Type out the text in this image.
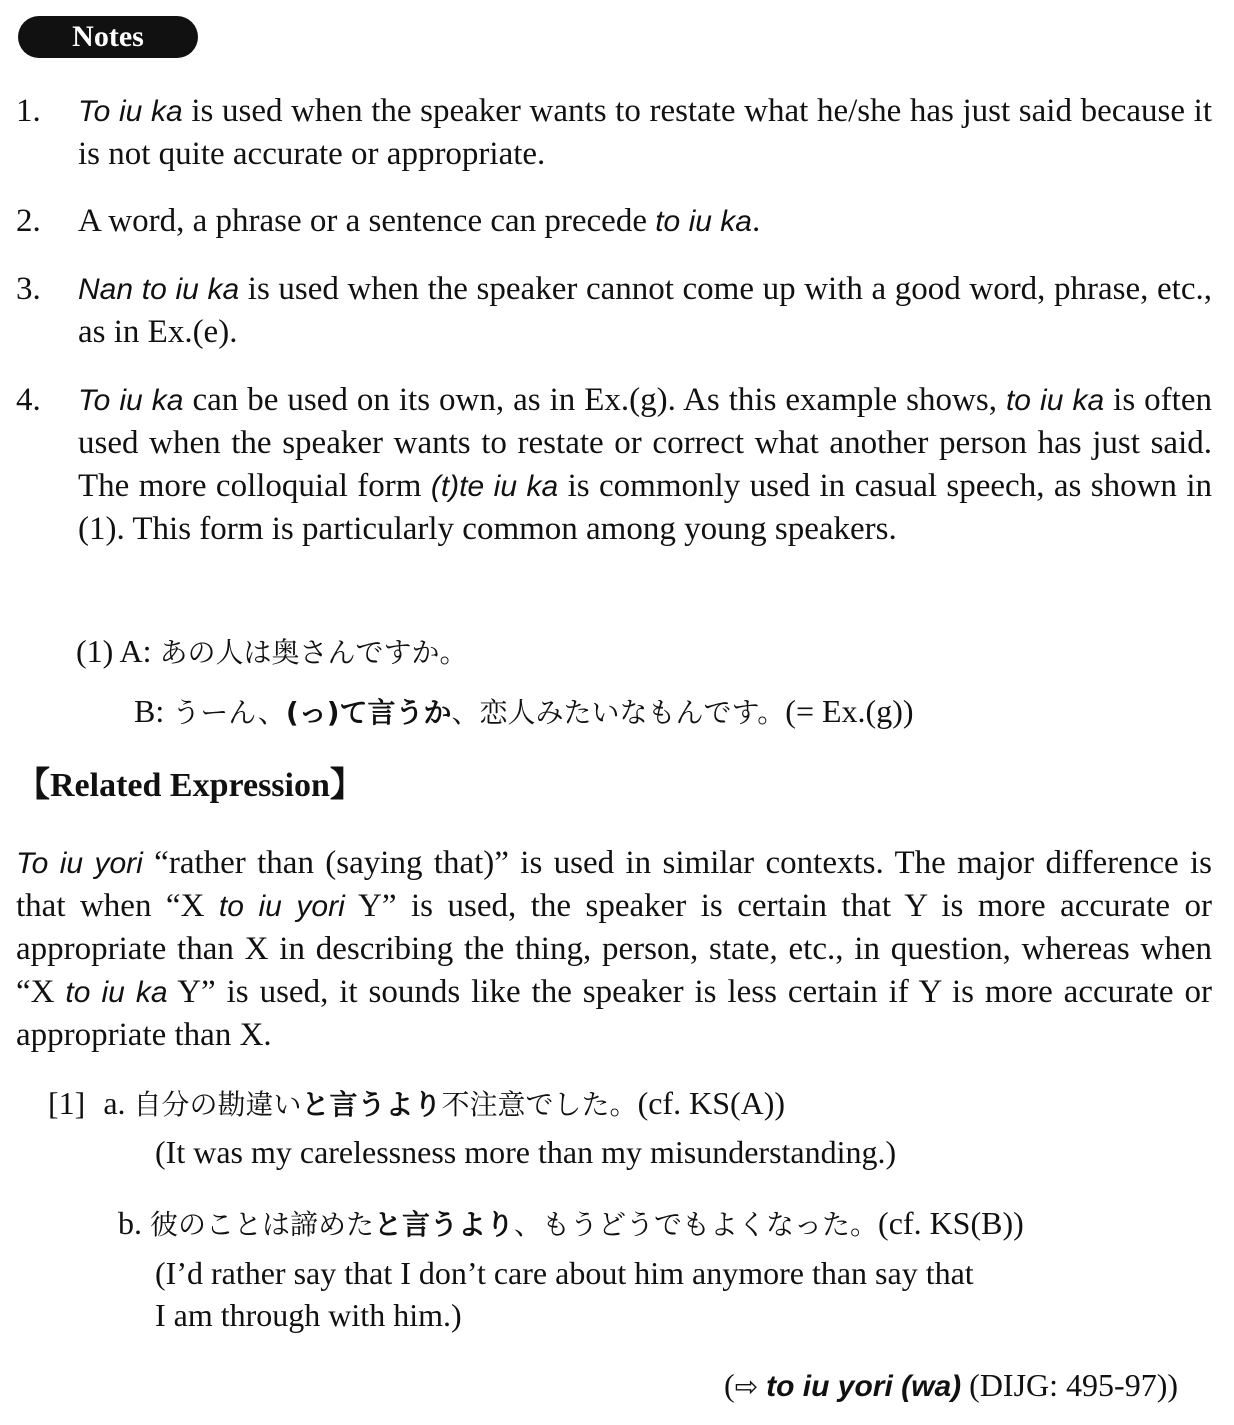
Notes
1. To iu ka is used when the speaker wants to restate what he/she has just said because it is not quite accurate or appropriate.
2. A word, a phrase or a sentence can precede to iu ka.
3. Nan to iu ka is used when the speaker cannot come up with a good word, phrase, etc., as in Ex.(e).
4. To iu ka can be used on its own, as in Ex.(g). As this example shows, to iu ka is often used when the speaker wants to restate or correct what another person has just said. The more colloquial form (t)te iu ka is commonly used in casual speech, as shown in (1). This form is particularly common among young speakers.
(1) A: あの人は奥さんですか。
B: うーん、(っ)て言うか、恋人みたいなもんです。(= Ex.(g))
【Related Expression】
To iu yori “rather than (saying that)” is used in similar contexts. The major difference is that when “X to iu yori Y” is used, the speaker is certain that Y is more accurate or appropriate than X in describing the thing, person, state, etc., in question, whereas when “X to iu ka Y” is used, it sounds like the speaker is less certain if Y is more accurate or appropriate than X.
[1] a. 自分の勘違いと言うより不注意でした。(cf. KS(A))
(It was my carelessness more than my misunderstanding.)
b. 彼のことは諦めたと言うより、もうどうでもよくなった。(cf. KS(B))
(I’d rather say that I don’t care about him anymore than say that
I am through with him.)
(⇨ to iu yori (wa) (DIJG: 495-97))
